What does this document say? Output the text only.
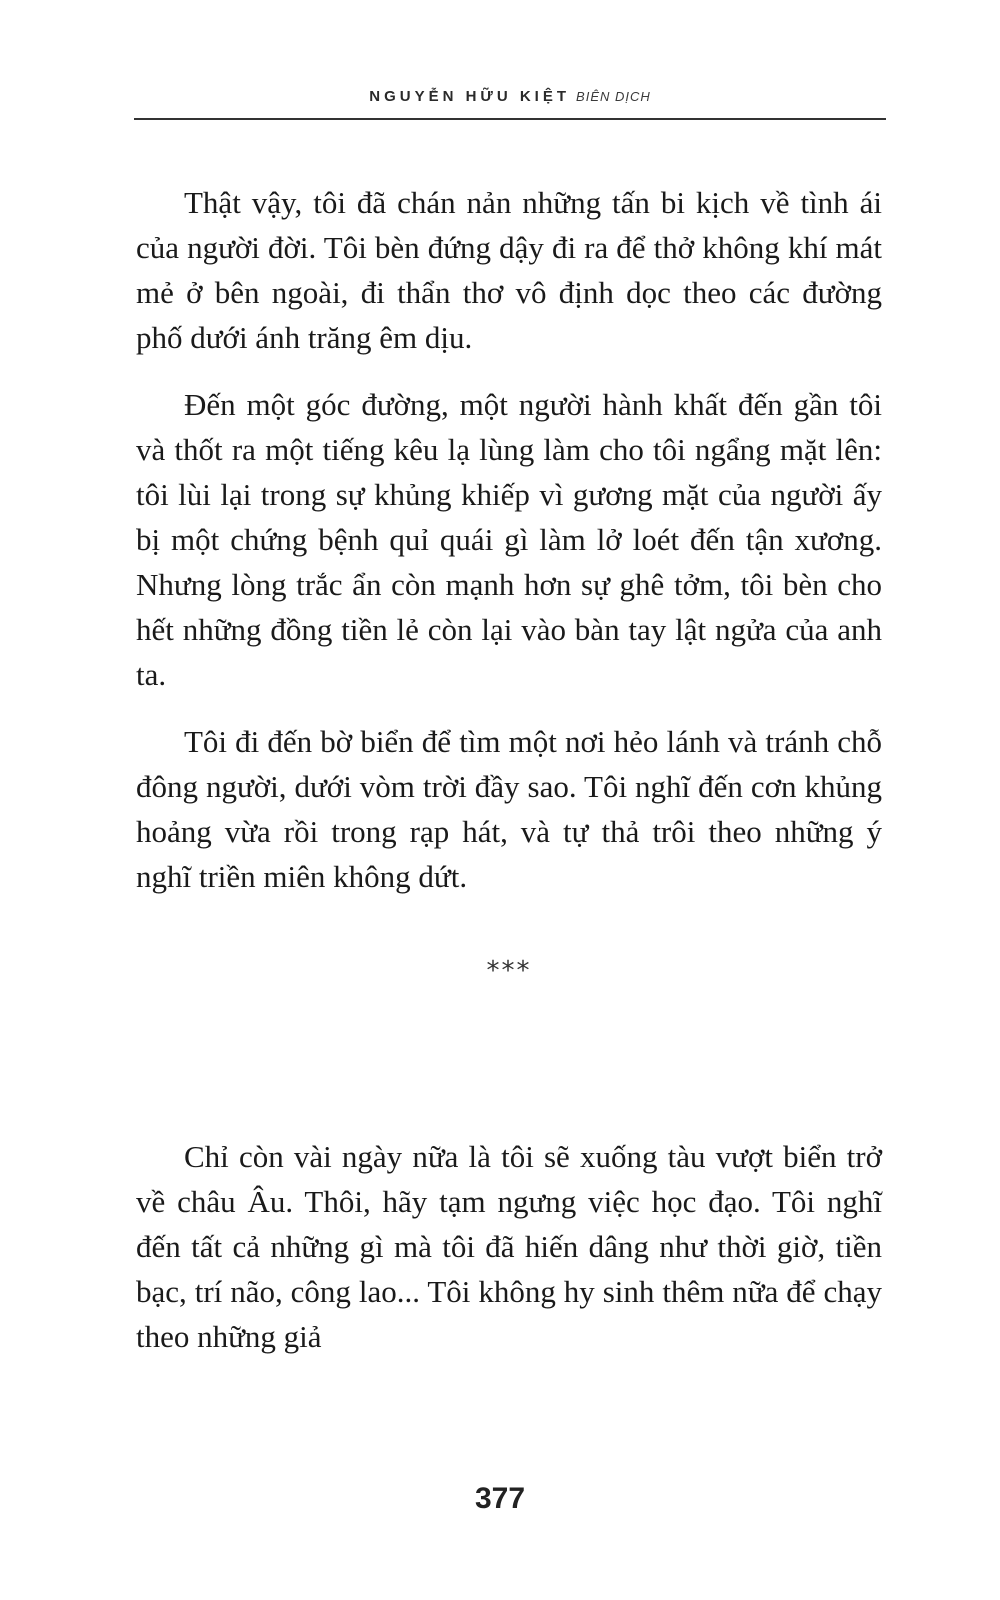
NGUYỄN HỮU KIỆT BIÊN DỊCH

Thật vậy, tôi đã chán nản những tấn bi kịch về tình ái của người đời. Tôi bèn đứng dậy đi ra để thở không khí mát mẻ ở bên ngoài, đi thẩn thơ vô định dọc theo các đường phố dưới ánh trăng êm dịu.

Đến một góc đường, một người hành khất đến gần tôi và thốt ra một tiếng kêu lạ lùng làm cho tôi ngẩng mặt lên: tôi lùi lại trong sự khủng khiếp vì gương mặt của người ấy bị một chứng bệnh quỉ quái gì làm lở loét đến tận xương. Nhưng lòng trắc ẩn còn mạnh hơn sự ghê tởm, tôi bèn cho hết những đồng tiền lẻ còn lại vào bàn tay lật ngửa của anh ta.

Tôi đi đến bờ biển để tìm một nơi hẻo lánh và tránh chỗ đông người, dưới vòm trời đầy sao. Tôi nghĩ đến cơn khủng hoảng vừa rồi trong rạp hát, và tự thả trôi theo những ý nghĩ triền miên không dứt.

***

Chỉ còn vài ngày nữa là tôi sẽ xuống tàu vượt biển trở về châu Âu. Thôi, hãy tạm ngưng việc học đạo. Tôi nghĩ đến tất cả những gì mà tôi đã hiến dâng như thời giờ, tiền bạc, trí não, công lao... Tôi không hy sinh thêm nữa để chạy theo những giả

377
